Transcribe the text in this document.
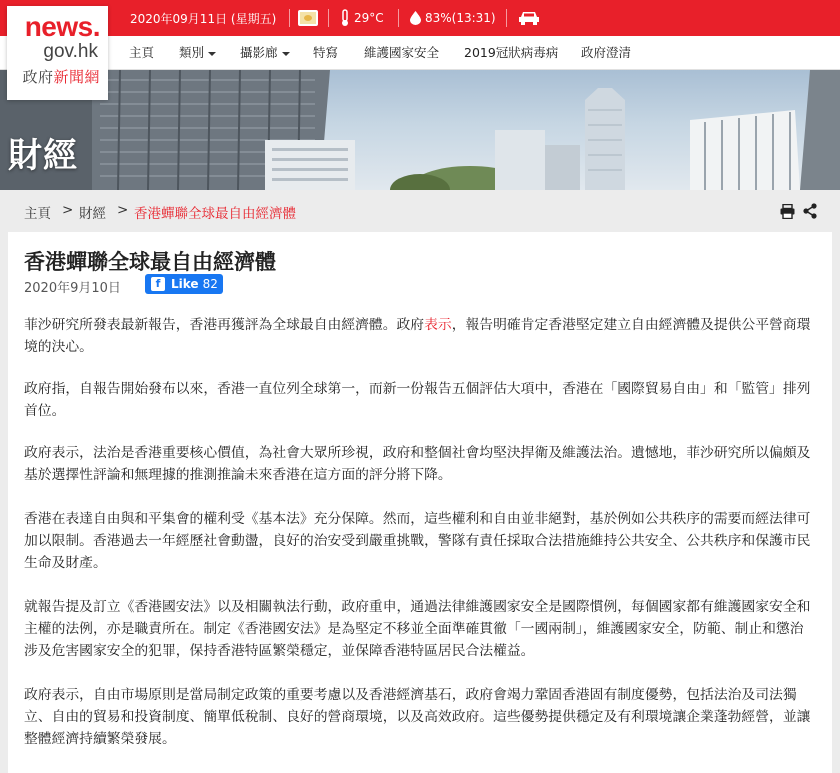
2020年09月11日 (星期五)	29°C	83%(13:31)
主頁 類別	攝影廊	特寫 維護國家安全 2019冠狀病毒病 政府澄清
news.
gov.hk
政府新聞網
財經
主頁 > 財經 > 香港蟬聯全球最自由經濟體
香港蟬聯全球最自由經濟體
2020年9月10日	f Like 82
菲沙研究所發表最新報告，香港再獲評為全球最自由經濟體。政府表示，報告明確肯定香港堅定建立自由經濟體及提供公平營商環境的決心。
政府指，自報告開始發布以來，香港一直位列全球第一，而新一份報告五個評估大項中，香港在「國際貿易自由」和「監管」排列首位。
政府表示，法治是香港重要核心價值，為社會大眾所珍視，政府和整個社會均堅決捍衛及維護法治。遺憾地，菲沙研究所以偏頗及基於選擇性評論和無理據的推測推論未來香港在這方面的評分將下降。
香港在表達自由與和平集會的權利受《基本法》充分保障。然而，這些權利和自由並非絕對，基於例如公共秩序的需要而經法律可加以限制。香港過去一年經歷社會動盪，良好的治安受到嚴重挑戰，警隊有責任採取合法措施維持公共安全、公共秩序和保護市民生命及財產。
就報告提及訂立《香港國安法》以及相關執法行動，政府重申，通過法律維護國家安全是國際慣例，每個國家都有維護國家安全和主權的法例，亦是職責所在。制定《香港國安法》是為堅定不移並全面準確貫徹「一國兩制」，維護國家安全，防範、制止和懲治涉及危害國家安全的犯罪，保持香港特區繁榮穩定，並保障香港特區居民合法權益。
政府表示，自由市場原則是當局制定政策的重要考慮以及香港經濟基石，政府會竭力鞏固香港固有制度優勢，包括法治及司法獨立、自由的貿易和投資制度、簡單低稅制、良好的營商環境，以及高效政府。這些優勢提供穩定及有利環境讓企業蓬勃經營，並讓整體經濟持續繁榮發展。
